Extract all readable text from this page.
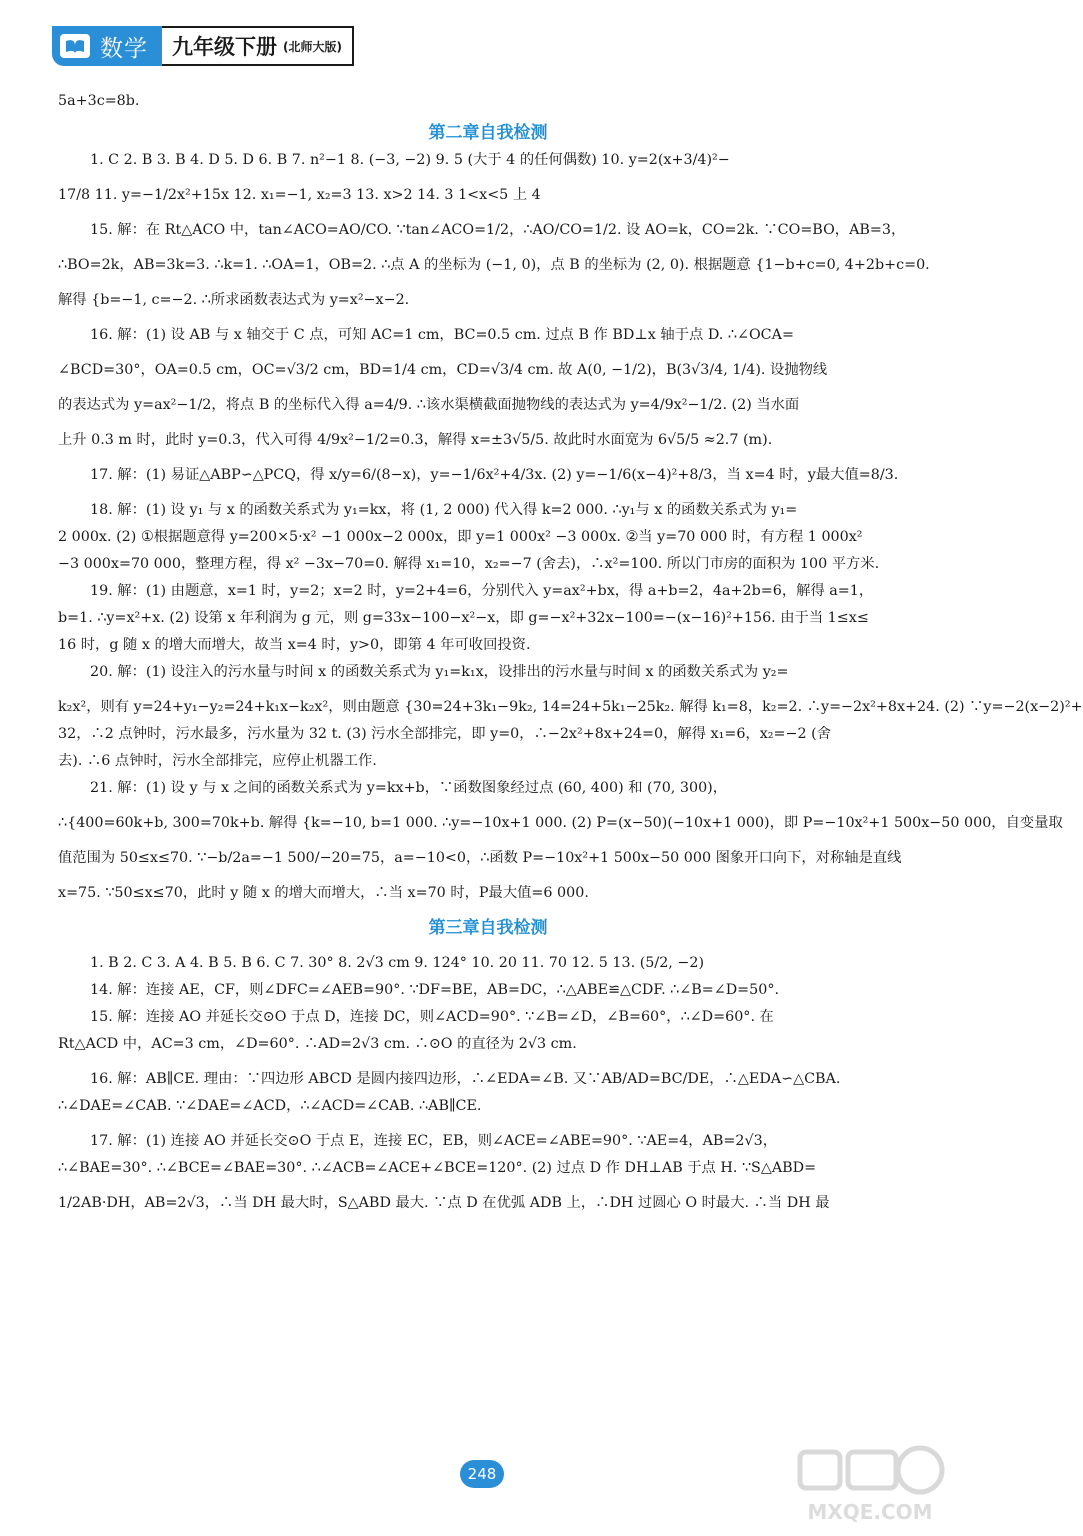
数学 九年级下册 (北师大版)
5a+3c=8b.
第二章自我检测
1. C 2. B 3. B 4. D 5. D 6. B 7. n²−1 8. (−3, −2) 9. 5 (大于 4 的任何偶数) 10. y=2(x+3/4)²−
17/8 11. y=−1/2x²+15x 12. x₁=−1, x₂=3 13. x>2 14. 3 1<x<5 上 4
15. 解：在 Rt△ACO 中，tan∠ACO=AO/CO. ∵tan∠ACO=1/2，∴AO/CO=1/2. 设 AO=k，CO=2k. ∵CO=BO，AB=3，
∴BO=2k，AB=3k=3. ∴k=1. ∴OA=1，OB=2. ∴点 A 的坐标为 (−1, 0)，点 B 的坐标为 (2, 0). 根据题意 {1−b+c=0, 4+2b+c=0.
解得 {b=−1, c=−2. ∴所求函数表达式为 y=x²−x−2.
16. 解：(1) 设 AB 与 x 轴交于 C 点，可知 AC=1 cm，BC=0.5 cm. 过点 B 作 BD⊥x 轴于点 D. ∴∠OCA=
∠BCD=30°，OA=0.5 cm，OC=√3/2 cm，BD=1/4 cm，CD=√3/4 cm. 故 A(0, −1/2)，B(3√3/4, 1/4). 设抛物线
的表达式为 y=ax²−1/2，将点 B 的坐标代入得 a=4/9. ∴该水渠横截面抛物线的表达式为 y=4/9x²−1/2. (2) 当水面
上升 0.3 m 时，此时 y=0.3，代入可得 4/9x²−1/2=0.3，解得 x=±3√5/5. 故此时水面宽为 6√5/5 ≈2.7 (m).
17. 解：(1) 易证△ABP∽△PCQ，得 x/y=6/(8−x)，y=−1/6x²+4/3x. (2) y=−1/6(x−4)²+8/3，当 x=4 时，y最大值=8/3.
18. 解：(1) 设 y₁ 与 x 的函数关系式为 y₁=kx，将 (1, 2 000) 代入得 k=2 000. ∴y₁与 x 的函数关系式为 y₁=
2 000x. (2) ①根据题意得 y=200×5·x² −1 000x−2 000x，即 y=1 000x² −3 000x. ②当 y=70 000 时，有方程 1 000x²
−3 000x=70 000，整理方程，得 x² −3x−70=0. 解得 x₁=10，x₂=−7 (舍去)，∴x²=100. 所以门市房的面积为 100 平方米.
19. 解：(1) 由题意，x=1 时，y=2；x=2 时，y=2+4=6，分别代入 y=ax²+bx，得 a+b=2，4a+2b=6，解得 a=1，
b=1. ∴y=x²+x. (2) 设第 x 年利润为 g 元，则 g=33x−100−x²−x，即 g=−x²+32x−100=−(x−16)²+156. 由于当 1≤x≤
16 时，g 随 x 的增大而增大，故当 x=4 时，y>0，即第 4 年可收回投资.
20. 解：(1) 设注入的污水量与时间 x 的函数关系式为 y₁=k₁x，设排出的污水量与时间 x 的函数关系式为 y₂=
k₂x²，则有 y=24+y₁−y₂=24+k₁x−k₂x²，则由题意 {30=24+3k₁−9k₂, 14=24+5k₁−25k₂. 解得 k₁=8，k₂=2. ∴y=−2x²+8x+24. (2) ∵y=−2(x−2)²+
32，∴2 点钟时，污水最多，污水量为 32 t. (3) 污水全部排完，即 y=0，∴−2x²+8x+24=0，解得 x₁=6，x₂=−2 (舍
去). ∴6 点钟时，污水全部排完，应停止机器工作.
21. 解：(1) 设 y 与 x 之间的函数关系式为 y=kx+b，∵函数图象经过点 (60, 400) 和 (70, 300)，
∴{400=60k+b, 300=70k+b. 解得 {k=−10, b=1 000. ∴y=−10x+1 000. (2) P=(x−50)(−10x+1 000)，即 P=−10x²+1 500x−50 000，自变量取
值范围为 50≤x≤70. ∵−b/2a=−1 500/−20=75，a=−10<0，∴函数 P=−10x²+1 500x−50 000 图象开口向下，对称轴是直线
x=75. ∵50≤x≤70，此时 y 随 x 的增大而增大，∴当 x=70 时，P最大值=6 000.
第三章自我检测
1. B 2. C 3. A 4. B 5. B 6. C 7. 30° 8. 2√3 cm 9. 124° 10. 20 11. 70 12. 5 13. (5/2, −2)
14. 解：连接 AE，CF，则∠DFC=∠AEB=90°. ∵DF=BE，AB=DC，∴△ABE≌△CDF. ∴∠B=∠D=50°.
15. 解：连接 AO 并延长交⊙O 于点 D，连接 DC，则∠ACD=90°. ∵∠B=∠D，∠B=60°，∴∠D=60°. 在
Rt△ACD 中，AC=3 cm，∠D=60°. ∴AD=2√3 cm. ∴⊙O 的直径为 2√3 cm.
16. 解：AB∥CE. 理由：∵四边形 ABCD 是圆内接四边形，∴∠EDA=∠B. 又∵AB/AD=BC/DE，∴△EDA∽△CBA.
∴∠DAE=∠CAB. ∵∠DAE=∠ACD，∴∠ACD=∠CAB. ∴AB∥CE.
17. 解：(1) 连接 AO 并延长交⊙O 于点 E，连接 EC，EB，则∠ACE=∠ABE=90°. ∵AE=4，AB=2√3，
∴∠BAE=30°. ∴∠BCE=∠BAE=30°. ∴∠ACB=∠ACE+∠BCE=120°. (2) 过点 D 作 DH⊥AB 于点 H. ∵S△ABD=
1/2AB·DH，AB=2√3，∴当 DH 最大时，S△ABD 最大. ∵点 D 在优弧 ADB 上，∴DH 过圆心 O 时最大. ∴当 DH 最
248
MXQE.COM
